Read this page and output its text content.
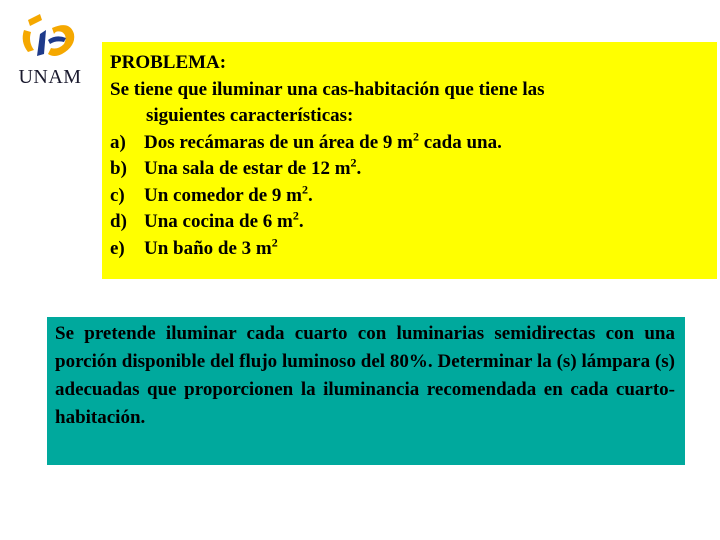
UNAM
PROBLEMA:
Se tiene que iluminar una cas-habitación que tiene las
siguientes características:
a) Dos recámaras de un área de 9 $m^2$ cada una.
b) Una sala de estar de 12 $m^2$.
c)	Un comedor de 9 $m^2$.
d) Una cocina de 6 $m^2$.
e)	Un baño de 3 $m^2$
Se pretende iluminar cada cuarto con luminarias semidirectas con una porción disponible del flujo luminoso del 80%. Determinar la (s) lámpara (s) adecuadas que proporcionen la iluminancia recomendada en cada cuarto-habitación.
